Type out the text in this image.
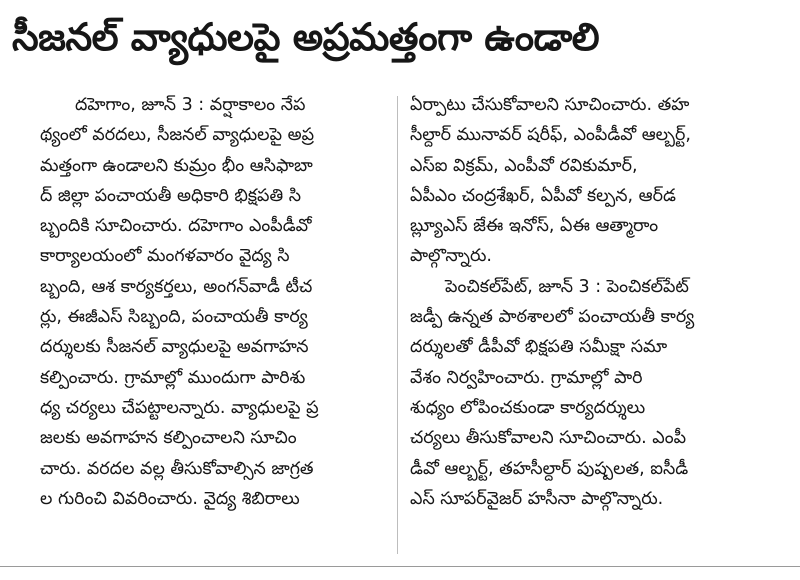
సీజనల్‌ వ్యాధులపై అప్రమత్తంగా ఉండాలి

దహెగాం, జూన్‌ 3 : వర్షాకాలం నేప
థ్యంలో వరదలు, సీజనల్‌ వ్యాధులపై అప్ర
మత్తంగా ఉండాలని కుమ్రం భీం ఆసిఫాబా
ద్‌ జిల్లా పంచాయతీ అధికారి భిక్షపతి సి
బ్బందికి సూచించారు. దహెగాం ఎంపీడీవో
కార్యాలయంలో మంగళవారం వైద్య సి
బ్బంది, ఆశ కార్యకర్తలు, అంగన్‌వాడీ టీచ
ర్లు, ఈజీఎస్‌ సిబ్బంది, పంచాయతీ కార్య
దర్శులకు సీజనల్‌ వ్యాధులపై అవగాహన
కల్పించారు. గ్రామాల్లో ముందుగా పారిశు
ధ్య చర్యలు చేపట్టాలన్నారు. వ్యాధులపై ప్ర
జలకు అవగాహన కల్పించాలని సూచిం
చారు. వరదల వల్ల తీసుకోవాల్సిన జాగ్రత
ల గురించి వివరించారు. వైద్య శిబిరాలు

ఏర్పాటు చేసుకోవాలని సూచించారు. తహ
సీల్దార్‌ మునావర్‌ షరీఫ్‌, ఎంపీడీవో ఆల్బర్ట్‌,
ఎస్‌ఐ విక్రమ్‌, ఎంపీవో రవికుమార్‌,
ఏపీఎం చంద్రశేఖర్‌, ఏపీవో కల్పన, ఆర్‌డ
బ్ల్యూఎస్‌ జేఈ ఇనోస్‌, ఏఈ ఆత్మారాం
పాల్గొన్నారు.

పెంచికల్‌పేట్‌, జూన్‌ 3 : పెంచికల్‌పేట్‌
జడ్పీ ఉన్నత పాఠశాలలో పంచాయతీ కార్య
దర్శులతో డీపీవో భిక్షపతి సమీక్షా సమా
వేశం నిర్వహించారు. గ్రామాల్లో పారి
శుధ్యం లోపించకుండా కార్యదర్శులు
చర్యలు తీసుకోవాలని సూచించారు. ఎంపీ
డీవో ఆల్బర్ట్‌, తహసీల్దార్‌ పుష్పలత, ఐసీడీ
ఎస్‌ సూపర్‌వైజర్‌ హసీనా పాల్గొన్నారు.
